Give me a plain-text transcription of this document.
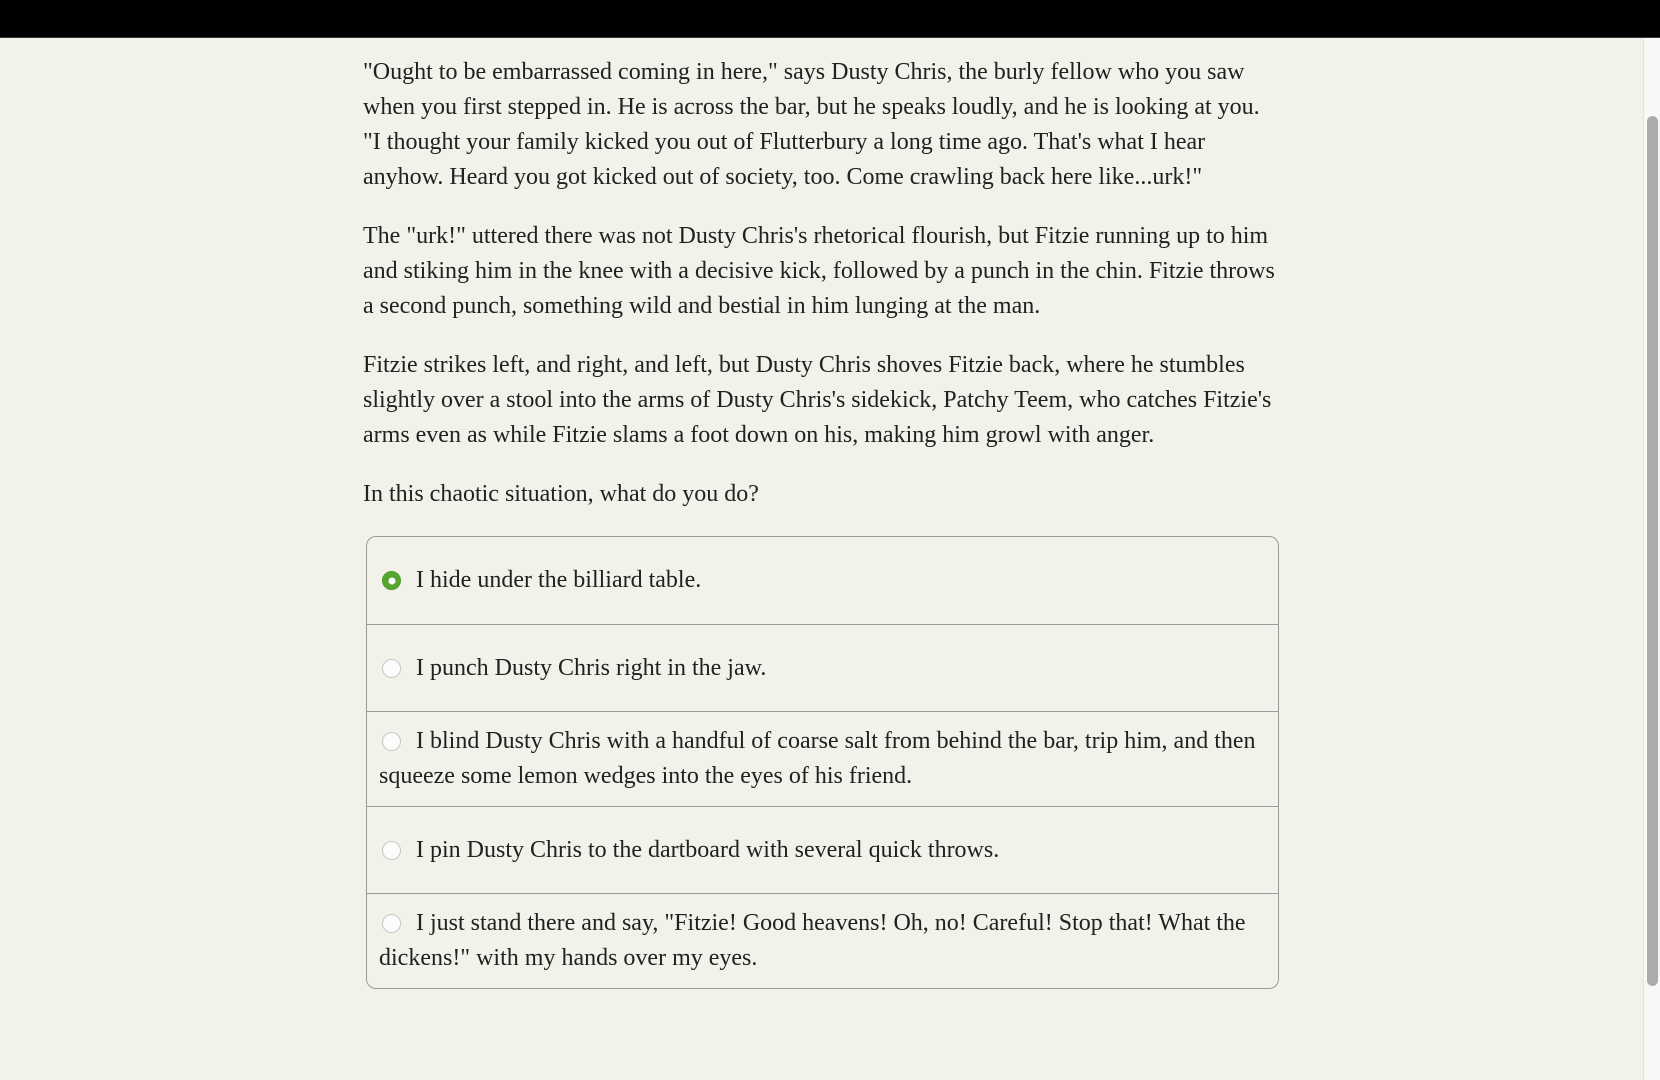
"Ought to be embarrassed coming in here," says Dusty Chris, the burly fellow who you saw when you first stepped in. He is across the bar, but he speaks loudly, and he is looking at you. "I thought your family kicked you out of Flutterbury a long time ago. That's what I hear anyhow. Heard you got kicked out of society, too. Come crawling back here like...urk!"

The "urk!" uttered there was not Dusty Chris's rhetorical flourish, but Fitzie running up to him and stiking him in the knee with a decisive kick, followed by a punch in the chin. Fitzie throws a second punch, something wild and bestial in him lunging at the man.

Fitzie strikes left, and right, and left, but Dusty Chris shoves Fitzie back, where he stumbles slightly over a stool into the arms of Dusty Chris's sidekick, Patchy Teem, who catches Fitzie's arms even as while Fitzie slams a foot down on his, making him growl with anger.

In this chaotic situation, what do you do?

I hide under the billiard table.
I punch Dusty Chris right in the jaw.
I blind Dusty Chris with a handful of coarse salt from behind the bar, trip him, and then squeeze some lemon wedges into the eyes of his friend.
I pin Dusty Chris to the dartboard with several quick throws.
I just stand there and say, "Fitzie! Good heavens! Oh, no! Careful! Stop that! What the dickens!" with my hands over my eyes.
